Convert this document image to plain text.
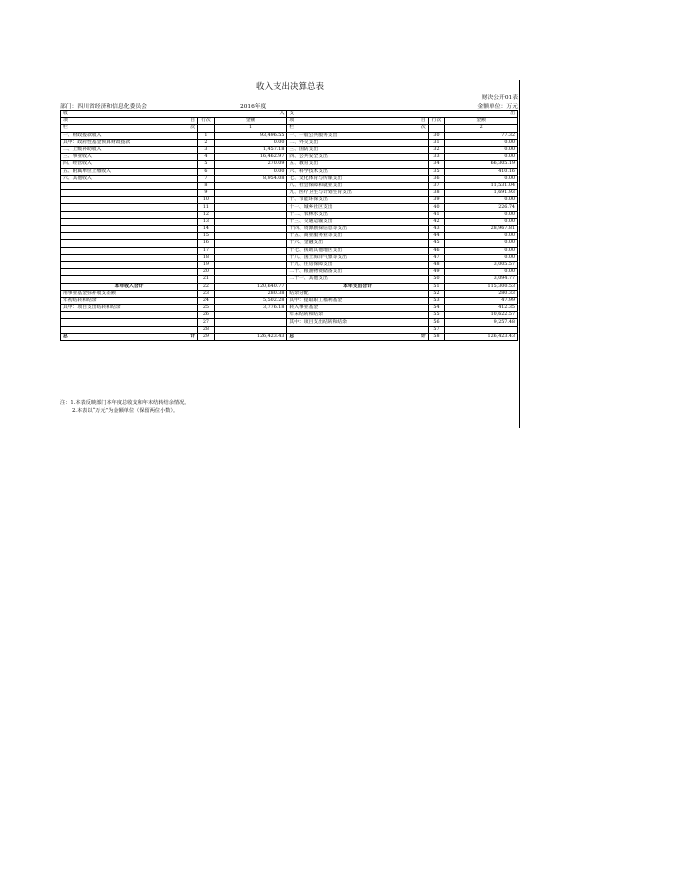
收入支出决算总表
财决公开01表
部门：四川省经济和信息化委员会	2016年度	金额单位：万元
收 入			支 出		

项 目	行次	金额	项 目	行次	金额

栏 次		1	栏 次		2
一、财政拨款收入	1	93,496.55	一、一般公共服务支出	30	77.32
其中：政府性基金预算财政拨款	2	0.00	二、外交支出	31	0.00
二、上级补助收入	3	1,457.18	三、国防支出	32	0.00
三、事业收入	4	16,462.97	四、公共安全支出	33	0.00
四、经营收入	5	270.09	五、教育支出	34	66,305.19
五、附属单位上缴收入	6	0.00	六、科学技术支出	35	410.16
六、其他收入	7	8,954.08	七、文化体育与传媒支出	36	0.00
	8		八、社会保障和就业支出	37	11,531.04
	9		九、医疗卫生与计划生育支出	38	1,691.93
	10		十、节能环保支出	39	0.00
	11		十一、城乡社区支出	40	226.74
	12		十二、农林水支出	41	0.00
	13		十三、交通运输支出	42	0.00
	14		十四、资源勘探信息等支出	43	28,967.81
	15		十五、商业服务业等支出	44	0.00
	16		十六、金融支出	45	0.00
	17		十七、援助其他地区支出	46	0.00
	18		十八、国土海洋气象等支出	47	0.00
	19		十九、住房保障支出	48	3,005.57
	20		二十、粮油物资储备支出	49	0.00
	21		二十一、其他支出	50	3,094.77
本年收入合计	22	120,640.77	本年支出合计	51	115,300.53
用事业基金弥补收支差额	23	280.38	结余分配	52	280.33
年初结转和结余	24	5,502.28	其中：提取职工福利基金	53	47.99
其中：项目支出结转和结余	25	3,776.18	转入事业基金	54	412.35
	26		年末结转和结余	55	10,622.57
	27		其中：项目支出结转和结余	56	9,257.48
	28			57	

总 计	29	126,423.43	总 计	58	126,423.43
注：1.本表反映部门本年度总收支和年末结转结余情况。
2.本表以“万元”为金额单位（保留两位小数）。
